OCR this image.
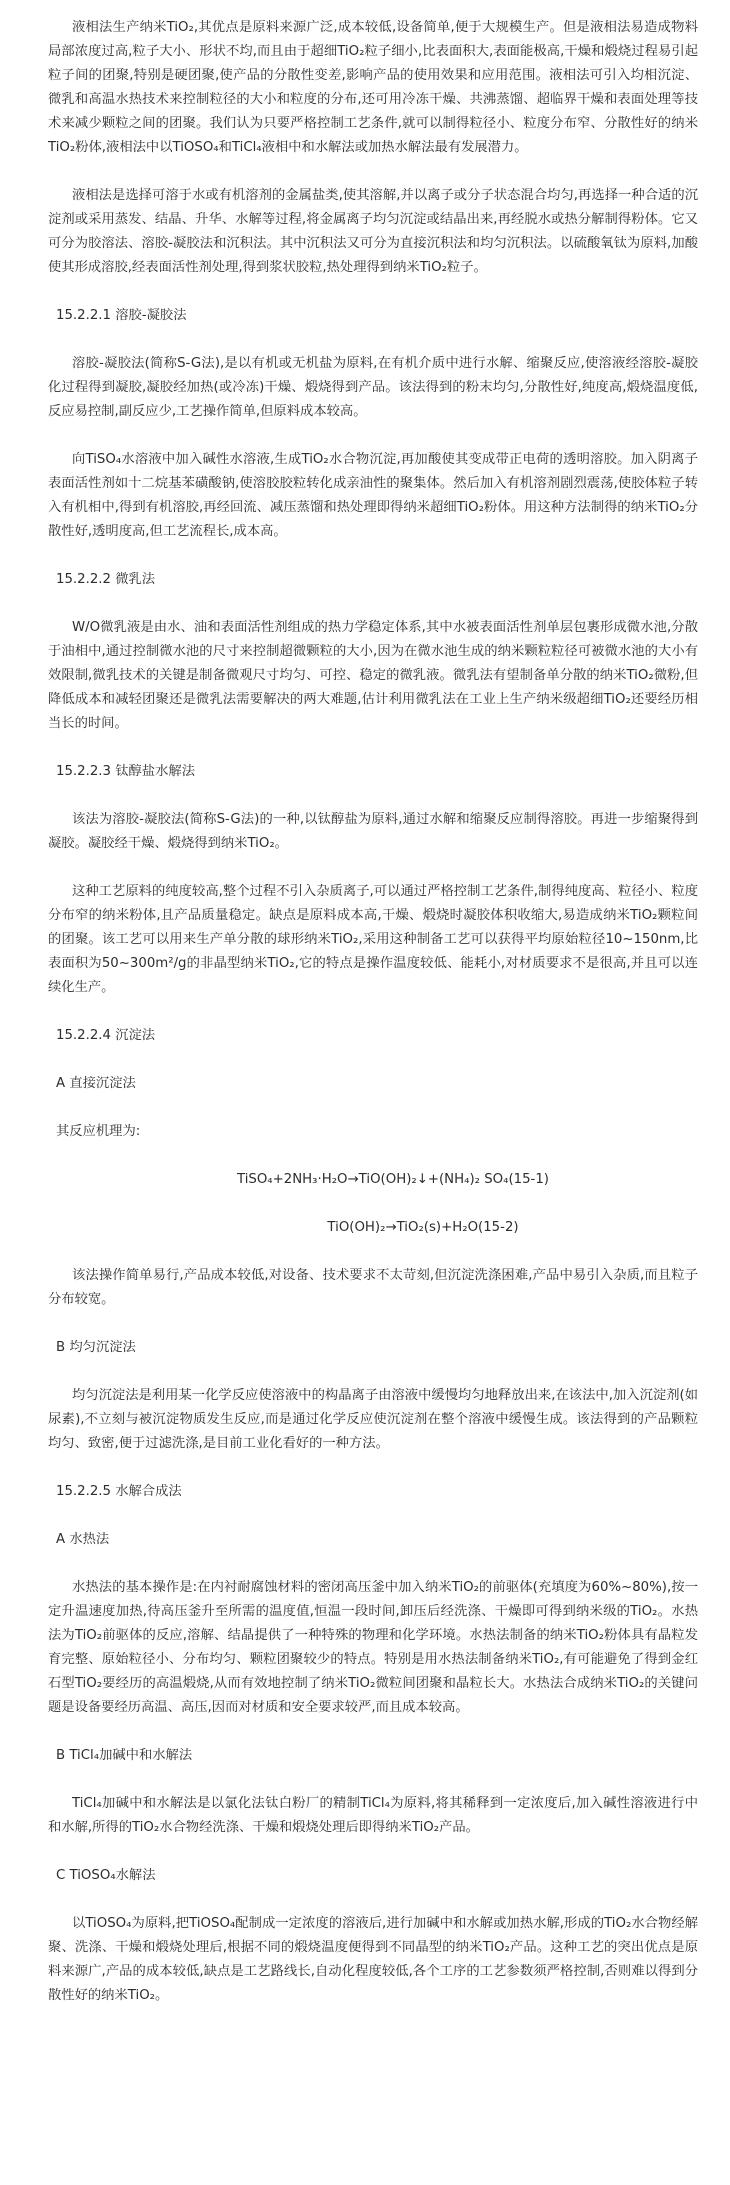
液相法生产纳米TiO₂,其优点是原料来源广泛,成本较低,设备简单,便于大规模生产。但是液相法易造成物料局部浓度过高,粒子大小、形状不均,而且由于超细TiO₂粒子细小,比表面积大,表面能极高,干燥和煅烧过程易引起粒子间的团聚,特别是硬团聚,使产品的分散性变差,影响产品的使用效果和应用范围。液相法可引入均相沉淀、微乳和高温水热技术来控制粒径的大小和粒度的分布,还可用冷冻干燥、共沸蒸馏、超临界干燥和表面处理等技术来减少颗粒之间的团聚。我们认为只要严格控制工艺条件,就可以制得粒径小、粒度分布窄、分散性好的纳米TiO₂粉体,液相法中以TiOSO₄和TiCl₄液相中和水解法或加热水解法最有发展潜力。

液相法是选择可溶于水或有机溶剂的金属盐类,使其溶解,并以离子或分子状态混合均匀,再选择一种合适的沉淀剂或采用蒸发、结晶、升华、水解等过程,将金属离子均匀沉淀或结晶出来,再经脱水或热分解制得粉体。它又可分为胶溶法、溶胶-凝胶法和沉积法。其中沉积法又可分为直接沉积法和均匀沉积法。以硫酸氧钛为原料,加酸使其形成溶胶,经表面活性剂处理,得到浆状胶粒,热处理得到纳米TiO₂粒子。

15.2.2.1 溶胶-凝胶法

溶胶-凝胶法(简称S-G法),是以有机或无机盐为原料,在有机介质中进行水解、缩聚反应,使溶液经溶胶-凝胶化过程得到凝胶,凝胶经加热(或冷冻)干燥、煅烧得到产品。该法得到的粉末均匀,分散性好,纯度高,煅烧温度低,反应易控制,副反应少,工艺操作简单,但原料成本较高。

向TiSO₄水溶液中加入碱性水溶液,生成TiO₂水合物沉淀,再加酸使其变成带正电荷的透明溶胶。加入阴离子表面活性剂如十二烷基苯磺酸钠,使溶胶胶粒转化成亲油性的聚集体。然后加入有机溶剂剧烈震荡,使胶体粒子转入有机相中,得到有机溶胶,再经回流、减压蒸馏和热处理即得纳米超细TiO₂粉体。用这种方法制得的纳米TiO₂分散性好,透明度高,但工艺流程长,成本高。

15.2.2.2 微乳法

W/O微乳液是由水、油和表面活性剂组成的热力学稳定体系,其中水被表面活性剂单层包裹形成微水池,分散于油相中,通过控制微水池的尺寸来控制超微颗粒的大小,因为在微水池生成的纳米颗粒粒径可被微水池的大小有效限制,微乳技术的关键是制备微观尺寸均匀、可控、稳定的微乳液。微乳法有望制备单分散的纳米TiO₂微粉,但降低成本和减轻团聚还是微乳法需要解决的两大难题,估计利用微乳法在工业上生产纳米级超细TiO₂还要经历相当长的时间。

15.2.2.3 钛醇盐水解法

该法为溶胶-凝胶法(简称S-G法)的一种,以钛醇盐为原料,通过水解和缩聚反应制得溶胶。再进一步缩聚得到凝胶。凝胶经干燥、煅烧得到纳米TiO₂。

这种工艺原料的纯度较高,整个过程不引入杂质离子,可以通过严格控制工艺条件,制得纯度高、粒径小、粒度分布窄的纳米粉体,且产品质量稳定。缺点是原料成本高,干燥、煅烧时凝胶体积收缩大,易造成纳米TiO₂颗粒间的团聚。该工艺可以用来生产单分散的球形纳米TiO₂,采用这种制备工艺可以获得平均原始粒径10~150nm,比表面积为50~300m²/g的非晶型纳米TiO₂,它的特点是操作温度较低、能耗小,对材质要求不是很高,并且可以连续化生产。

15.2.2.4 沉淀法

A 直接沉淀法

其反应机理为:

TiSO₄+2NH₃·H₂O→TiO(OH)₂↓+(NH₄)₂ SO₄(15-1)

TiO(OH)₂→TiO₂(s)+H₂O(15-2)

该法操作简单易行,产品成本较低,对设备、技术要求不太苛刻,但沉淀洗涤困难,产品中易引入杂质,而且粒子分布较宽。

B 均匀沉淀法

均匀沉淀法是利用某一化学反应使溶液中的构晶离子由溶液中缓慢均匀地释放出来,在该法中,加入沉淀剂(如尿素),不立刻与被沉淀物质发生反应,而是通过化学反应使沉淀剂在整个溶液中缓慢生成。该法得到的产品颗粒均匀、致密,便于过滤洗涤,是目前工业化看好的一种方法。

15.2.2.5 水解合成法

A 水热法

水热法的基本操作是:在内衬耐腐蚀材料的密闭高压釜中加入纳米TiO₂的前驱体(充填度为60%~80%),按一定升温速度加热,待高压釜升至所需的温度值,恒温一段时间,卸压后经洗涤、干燥即可得到纳米级的TiO₂。水热法为TiO₂前驱体的反应,溶解、结晶提供了一种特殊的物理和化学环境。水热法制备的纳米TiO₂粉体具有晶粒发育完整、原始粒径小、分布均匀、颗粒团聚较少的特点。特别是用水热法制备纳米TiO₂,有可能避免了得到金红石型TiO₂要经历的高温煅烧,从而有效地控制了纳米TiO₂微粒间团聚和晶粒长大。水热法合成纳米TiO₂的关键问题是设备要经历高温、高压,因而对材质和安全要求较严,而且成本较高。

B TiCl₄加碱中和水解法

TiCl₄加碱中和水解法是以氯化法钛白粉厂的精制TiCl₄为原料,将其稀释到一定浓度后,加入碱性溶液进行中和水解,所得的TiO₂水合物经洗涤、干燥和煅烧处理后即得纳米TiO₂产品。

C TiOSO₄水解法

以TiOSO₄为原料,把TiOSO₄配制成一定浓度的溶液后,进行加碱中和水解或加热水解,形成的TiO₂水合物经解聚、洗涤、干燥和煅烧处理后,根据不同的煅烧温度便得到不同晶型的纳米TiO₂产品。这种工艺的突出优点是原料来源广,产品的成本较低,缺点是工艺路线长,自动化程度较低,各个工序的工艺参数须严格控制,否则难以得到分散性好的纳米TiO₂。
